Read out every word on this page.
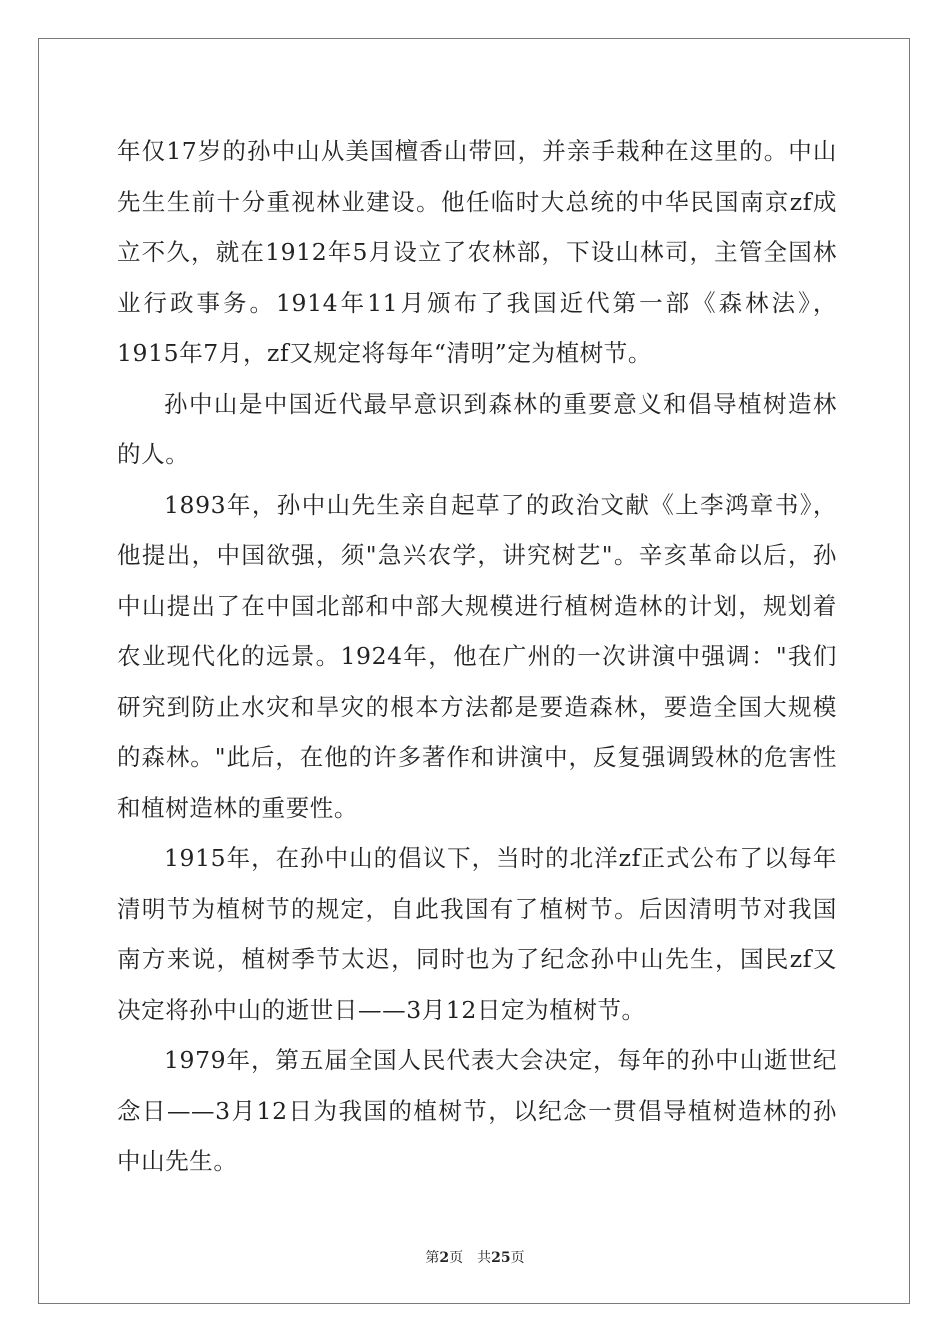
年仅17岁的孙中山从美国檀香山带回，并亲手栽种在这里的。中山先生生前十分重视林业建设。他任临时大总统的中华民国南京zf成立不久，就在1912年5月设立了农林部，下设山林司，主管全国林业行政事务。1914年11月颁布了我国近代第一部《森林法》，1915年7月，zf又规定将每年“清明”定为植树节。

孙中山是中国近代最早意识到森林的重要意义和倡导植树造林的人。

1893年，孙中山先生亲自起草了的政治文献《上李鸿章书》，他提出，中国欲强，须"急兴农学，讲究树艺"。辛亥革命以后，孙中山提出了在中国北部和中部大规模进行植树造林的计划，规划着农业现代化的远景。1924年，他在广州的一次讲演中强调："我们研究到防止水灾和旱灾的根本方法都是要造森林，要造全国大规模的森林。"此后，在他的许多著作和讲演中，反复强调毁林的危害性和植树造林的重要性。

1915年，在孙中山的倡议下，当时的北洋zf正式公布了以每年清明节为植树节的规定，自此我国有了植树节。后因清明节对我国南方来说，植树季节太迟，同时也为了纪念孙中山先生，国民zf又决定将孙中山的逝世日——3月12日定为植树节。

1979年，第五届全国人民代表大会决定，每年的孙中山逝世纪念日——3月12日为我国的植树节，以纪念一贯倡导植树造林的孙中山先生。

第2页 共25页
